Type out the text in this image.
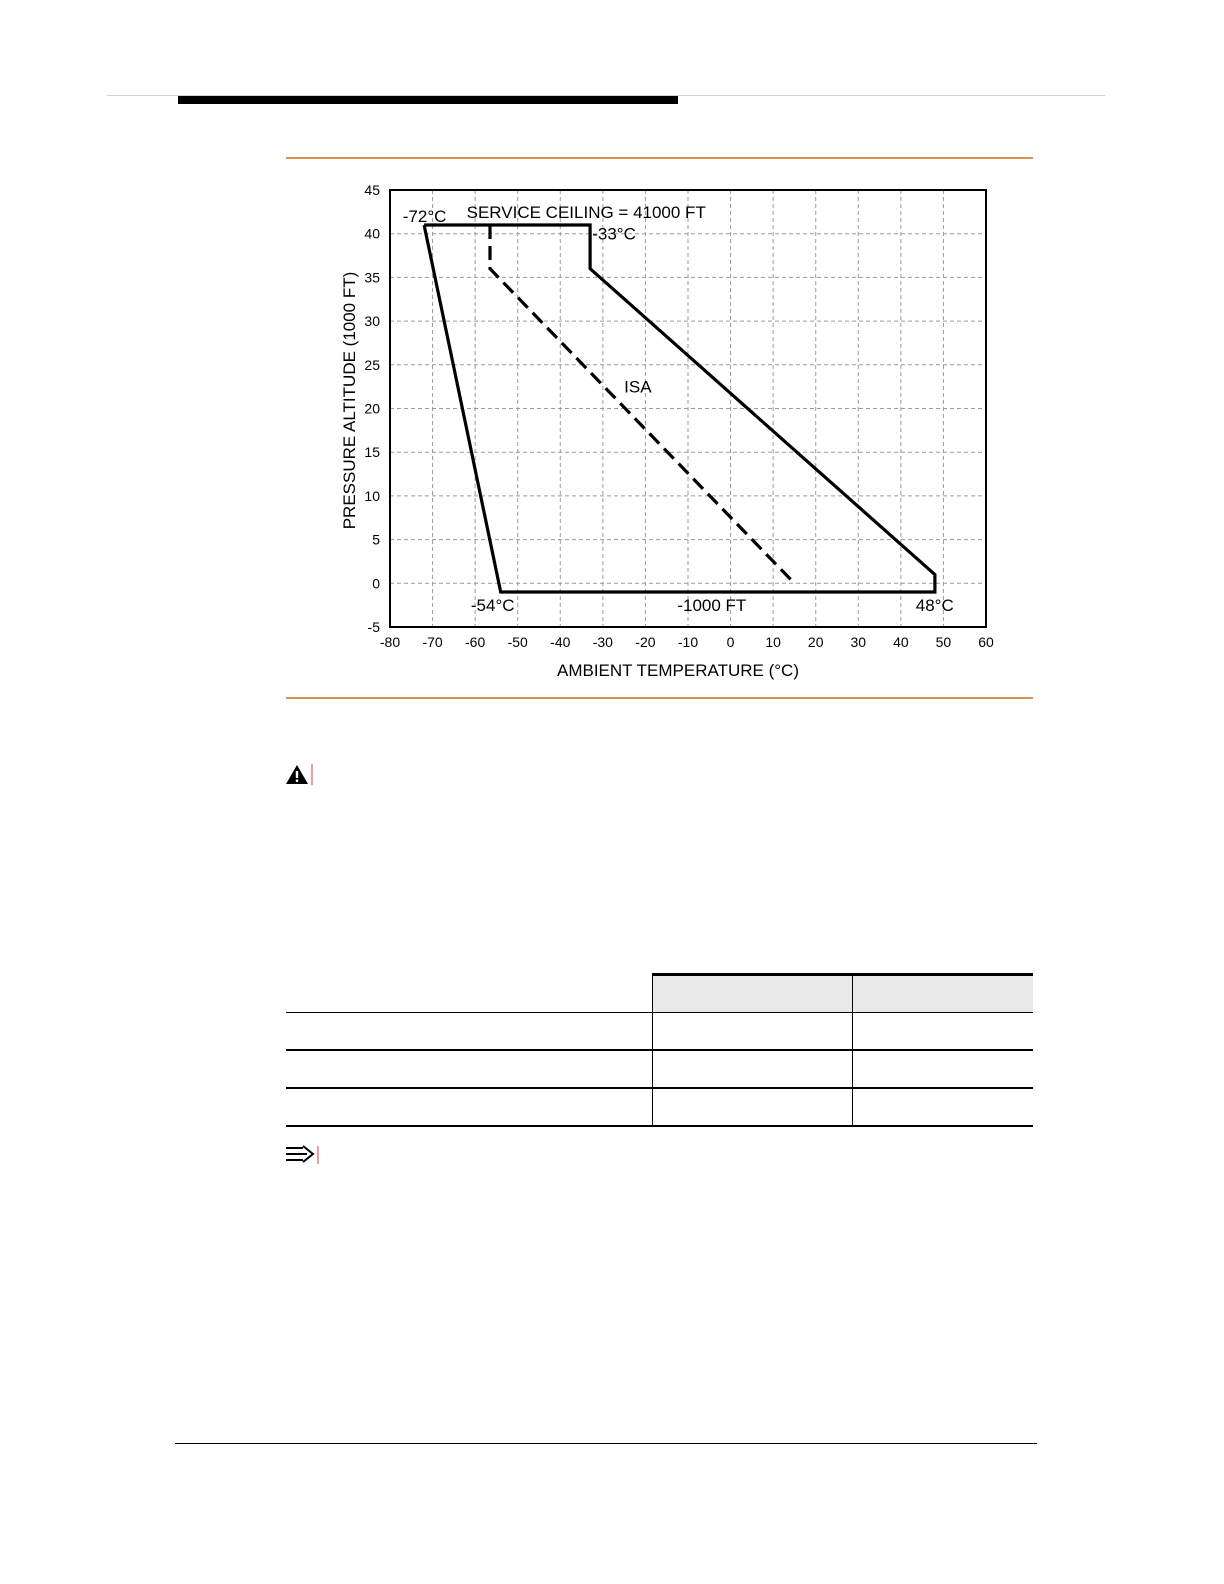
-80 -70 -60 -50 -40 -30 -20 -10 0 10 20 30 40 50 60
-5
0
5
10
15
20
25
30
35
40
45
SERVICE CEILING = 41000 FT
-72°C
-33°C
ISA
-54°C	-1000 FT	48°C
AMBIENT TEMPERATURE (°C)
PRESSURE ALTITUDE (1000 FT)
